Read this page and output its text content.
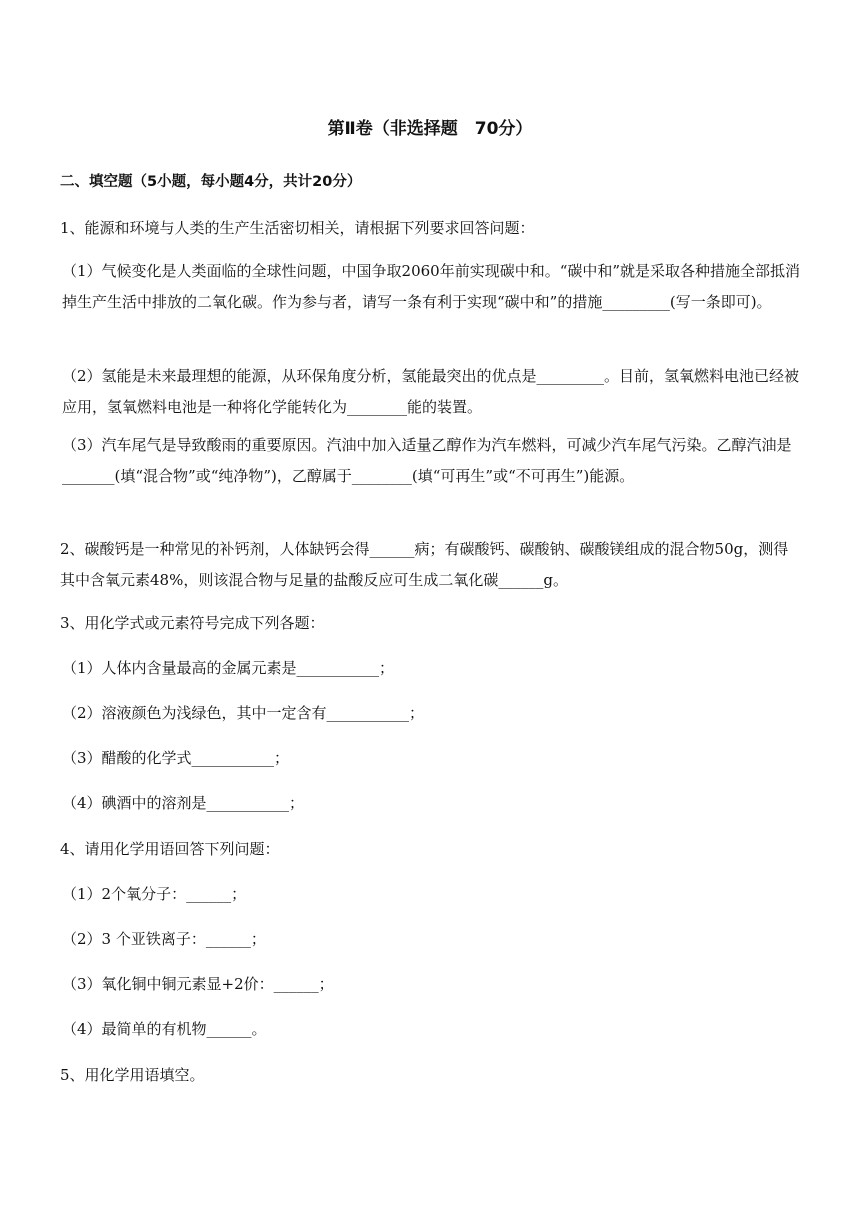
第Ⅱ卷（非选择题　70分）
二、填空题（5小题，每小题4分，共计20分）
1、能源和环境与人类的生产生活密切相关，请根据下列要求回答问题：
（1）气候变化是人类面临的全球性问题，中国争取2060年前实现碳中和。“碳中和”就是采取各种措施全部抵消掉生产生活中排放的二氧化碳。作为参与者，请写一条有利于实现“碳中和”的措施_________(写一条即可)。
（2）氢能是未来最理想的能源，从环保角度分析，氢能最突出的优点是_________。目前，氢氧燃料电池已经被应用，氢氧燃料电池是一种将化学能转化为________能的装置。
（3）汽车尾气是导致酸雨的重要原因。汽油中加入适量乙醇作为汽车燃料，可减少汽车尾气污染。乙醇汽油是_______(填“混合物”或“纯净物”)，乙醇属于________(填“可再生”或“不可再生”)能源。
2、碳酸钙是一种常见的补钙剂，人体缺钙会得______病；有碳酸钙、碳酸钠、碳酸镁组成的混合物50g，测得其中含氧元素48%，则该混合物与足量的盐酸反应可生成二氧化碳______g。
3、用化学式或元素符号完成下列各题：
（1）人体内含量最高的金属元素是___________；
（2）溶液颜色为浅绿色，其中一定含有___________；
（3）醋酸的化学式___________；
（4）碘酒中的溶剂是___________；
4、请用化学用语回答下列问题：
（1）2个氧分子：______；
（2）3 个亚铁离子：______；
（3）氧化铜中铜元素显+2价：______；
（4）最简单的有机物______。
5、用化学用语填空。
